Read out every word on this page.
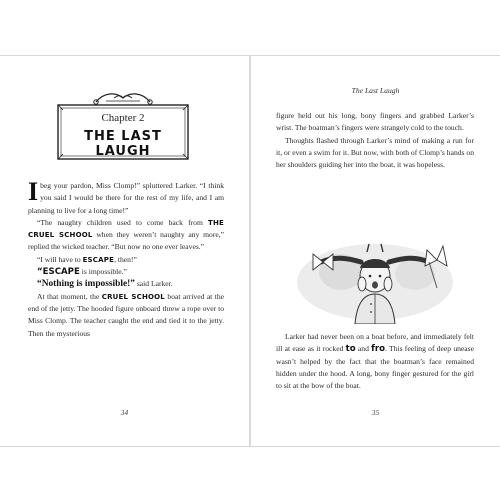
Chapter 2
THE LAST LAUGH

Ibeg your pardon, Miss Clomp!” spluttered Larker. “I think you said I would be there for the rest of my life, and I am planning to live for a long time!”

“The naughty children used to come back from THE CRUEL SCHOOL when they weren’t naughty any more,” replied the wicked teacher. “But now no one ever leaves.”

“I will have to ESCAPE, then!”

“ESCAPE is impossible.”

“Nothing is impossible!” said Larker.

At that moment, the CRUEL SCHOOL boat arrived at the end of the jetty. The hooded figure onboard threw a rope over to Miss Clomp. The teacher caught the end and tied it to the jetty. Then the mysterious

34
The Last Laugh

figure held out his long, bony fingers and grabbed Larker’s wrist. The boatman’s fingers were strangely cold to the touch.

Thoughts flashed through Larker’s mind of making a run for it, or even a swim for it. But now, with both of Clomp’s hands on her shoulders guiding her into the boat, it was hopeless.

Larker had never been on a boat before, and immediately felt ill at ease as it rocked to and fro. This feeling of deep unease wasn’t helped by the fact that the boatman’s face remained hidden under the hood. A long, bony finger gestured for the girl to sit at the bow of the boat.

35
